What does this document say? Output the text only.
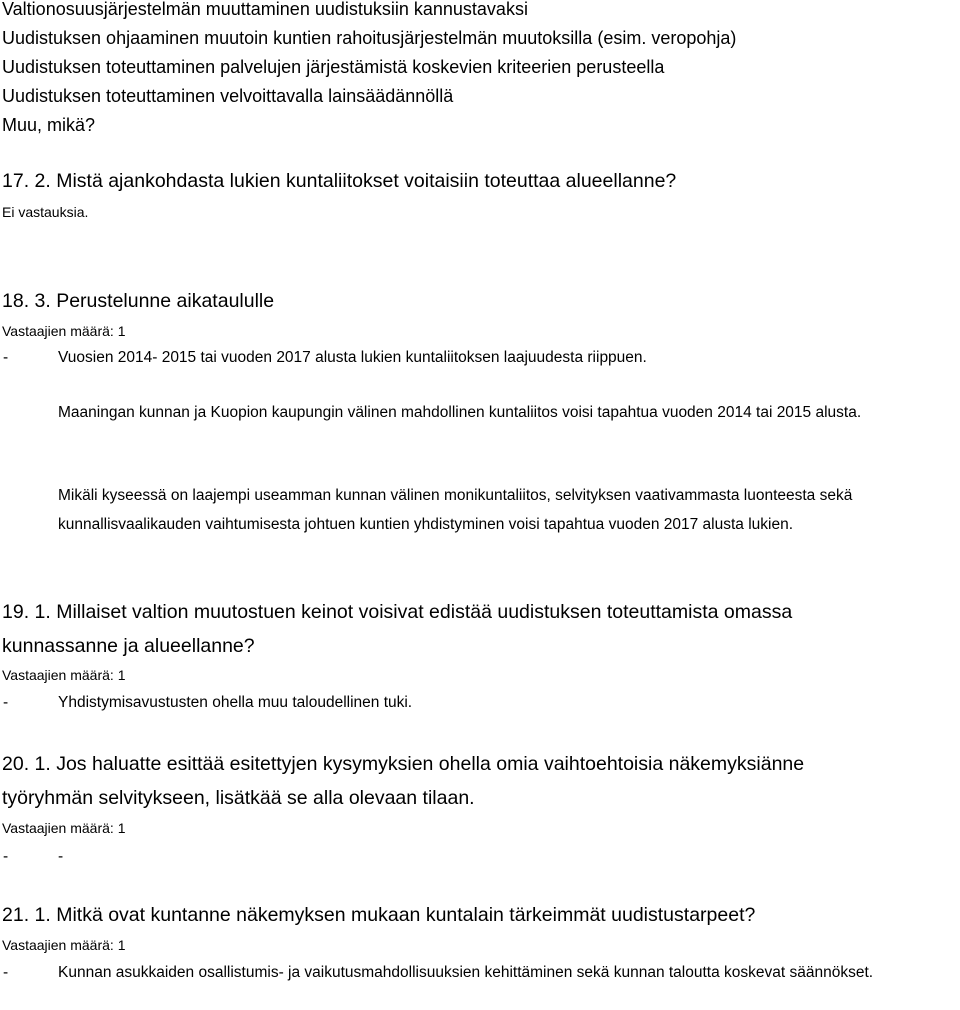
Valtionosuusjärjestelmän muuttaminen uudistuksiin kannustavaksi
Uudistuksen ohjaaminen muutoin kuntien rahoitusjärjestelmän muutoksilla (esim. veropohja)
Uudistuksen toteuttaminen palvelujen järjestämistä koskevien kriteerien perusteella
Uudistuksen toteuttaminen velvoittavalla lainsäädännöllä
Muu, mikä?
17. 2. Mistä ajankohdasta lukien kuntaliitokset voitaisiin toteuttaa alueellanne?
Ei vastauksia.
18. 3. Perustelunne aikataululle
Vastaajien määrä: 1
-	Vuosien 2014- 2015 tai vuoden 2017 alusta lukien kuntaliitoksen laajuudesta riippuen.
Maaningan kunnan ja Kuopion kaupungin välinen mahdollinen kuntaliitos voisi tapahtua vuoden 2014 tai 2015 alusta.
Mikäli kyseessä on laajempi useamman kunnan välinen monikuntaliitos, selvityksen vaativammasta luonteesta sekä kunnallisvaalikauden vaihtumisesta johtuen kuntien yhdistyminen voisi tapahtua vuoden 2017 alusta lukien.
19. 1. Millaiset valtion muutostuen keinot voisivat edistää uudistuksen toteuttamista omassa
kunnassanne ja alueellanne?
Vastaajien määrä: 1
-	Yhdistymisavustusten ohella muu taloudellinen tuki.
20. 1. Jos haluatte esittää esitettyjen kysymyksien ohella omia vaihtoehtoisia näkemyksiänne
työryhmän selvitykseen, lisätkää se alla olevaan tilaan.
Vastaajien määrä: 1
-	-
21. 1. Mitkä ovat kuntanne näkemyksen mukaan kuntalain tärkeimmät uudistustarpeet?
Vastaajien määrä: 1
-	Kunnan asukkaiden osallistumis- ja vaikutusmahdollisuuksien kehittäminen sekä kunnan taloutta koskevat säännökset.
